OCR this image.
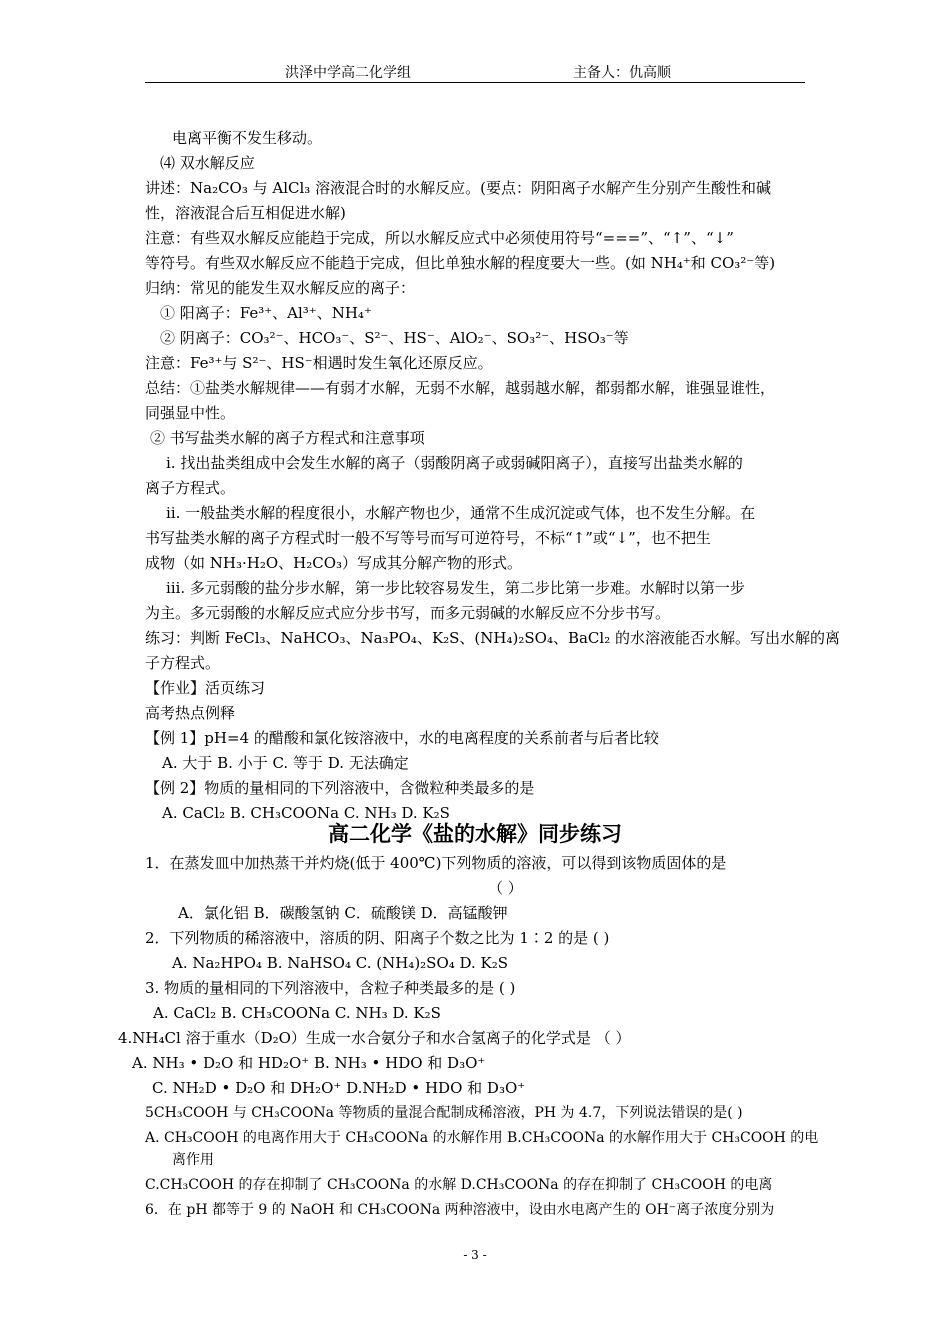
洪泽中学高二化学组	主备人：仇高顺
电离平衡不发生移动。
⑷ 双水解反应
讲述：Na₂CO₃ 与 AlCl₃ 溶液混合时的水解反应。(要点：阴阳离子水解产生分别产生酸性和碱
性，溶液混合后互相促进水解)
注意：有些双水解反应能趋于完成，所以水解反应式中必须使用符号“===”、“↑”、“↓”
等符号。有些双水解反应不能趋于完成，但比单独水解的程度要大一些。(如 NH₄⁺和 CO₃²⁻等)
归纳：常见的能发生双水解反应的离子：
① 阳离子：Fe³⁺、Al³⁺、NH₄⁺
② 阴离子：CO₃²⁻、HCO₃⁻、S²⁻、HS⁻、AlO₂⁻、SO₃²⁻、HSO₃⁻等
注意：Fe³⁺与 S²⁻、HS⁻相遇时发生氧化还原反应。
总结：①盐类水解规律——有弱才水解，无弱不水解，越弱越水解，都弱都水解，谁强显谁性，
同强显中性。
② 书写盐类水解的离子方程式和注意事项
ⅰ. 找出盐类组成中会发生水解的离子（弱酸阴离子或弱碱阳离子），直接写出盐类水解的
离子方程式。
ⅱ. 一般盐类水解的程度很小，水解产物也少，通常不生成沉淀或气体，也不发生分解。在
书写盐类水解的离子方程式时一般不写等号而写可逆符号，不标“↑”或“↓”，也不把生
成物（如 NH₃·H₂O、H₂CO₃）写成其分解产物的形式。
ⅲ. 多元弱酸的盐分步水解，第一步比较容易发生，第二步比第一步难。水解时以第一步
为主。多元弱酸的水解反应式应分步书写，而多元弱碱的水解反应不分步书写。
练习：判断 FeCl₃、NaHCO₃、Na₃PO₄、K₂S、(NH₄)₂SO₄、BaCl₂ 的水溶液能否水解。写出水解的离
子方程式。
【作业】活页练习
高考热点例释
【例 1】pH=4 的醋酸和氯化铵溶液中，水的电离程度的关系前者与后者比较
A. 大于 B. 小于 C. 等于 D. 无法确定
【例 2】物质的量相同的下列溶液中，含微粒种类最多的是
A. CaCl₂ B. CH₃COONa C. NH₃ D. K₂S
高二化学《盐的水解》同步练习
1．在蒸发皿中加热蒸干并灼烧(低于 400℃)下列物质的溶液，可以得到该物质固体的是
（ ）
A．氯化铝 B．碳酸氢钠 C．硫酸镁 D．高锰酸钾
2．下列物质的稀溶液中，溶质的阴、阳离子个数之比为 1∶2 的是 ( )
A. Na₂HPO₄ B. NaHSO₄ C. (NH₄)₂SO₄ D. K₂S
3. 物质的量相同的下列溶液中，含粒子种类最多的是 ( )
A. CaCl₂ B. CH₃COONa C. NH₃ D. K₂S
4.NH₄Cl 溶于重水（D₂O）生成一水合氨分子和水合氢离子的化学式是 （ ）
A. NH₃ • D₂O 和 HD₂O⁺ B. NH₃ • HDO 和 D₃O⁺
C. NH₂D • D₂O 和 DH₂O⁺ D.NH₂D • HDO 和 D₃O⁺
5CH₃COOH 与 CH₃COONa 等物质的量混合配制成稀溶液，PH 为 4.7，下列说法错误的是( )
A. CH₃COOH 的电离作用大于 CH₃COONa 的水解作用 B.CH₃COONa 的水解作用大于 CH₃COOH 的电
离作用
C.CH₃COOH 的存在抑制了 CH₃COONa 的水解 D.CH₃COONa 的存在抑制了 CH₃COOH 的电离
6．在 pH 都等于 9 的 NaOH 和 CH₃COONa 两种溶液中，设由水电离产生的 OH⁻离子浓度分别为
- 3 -
